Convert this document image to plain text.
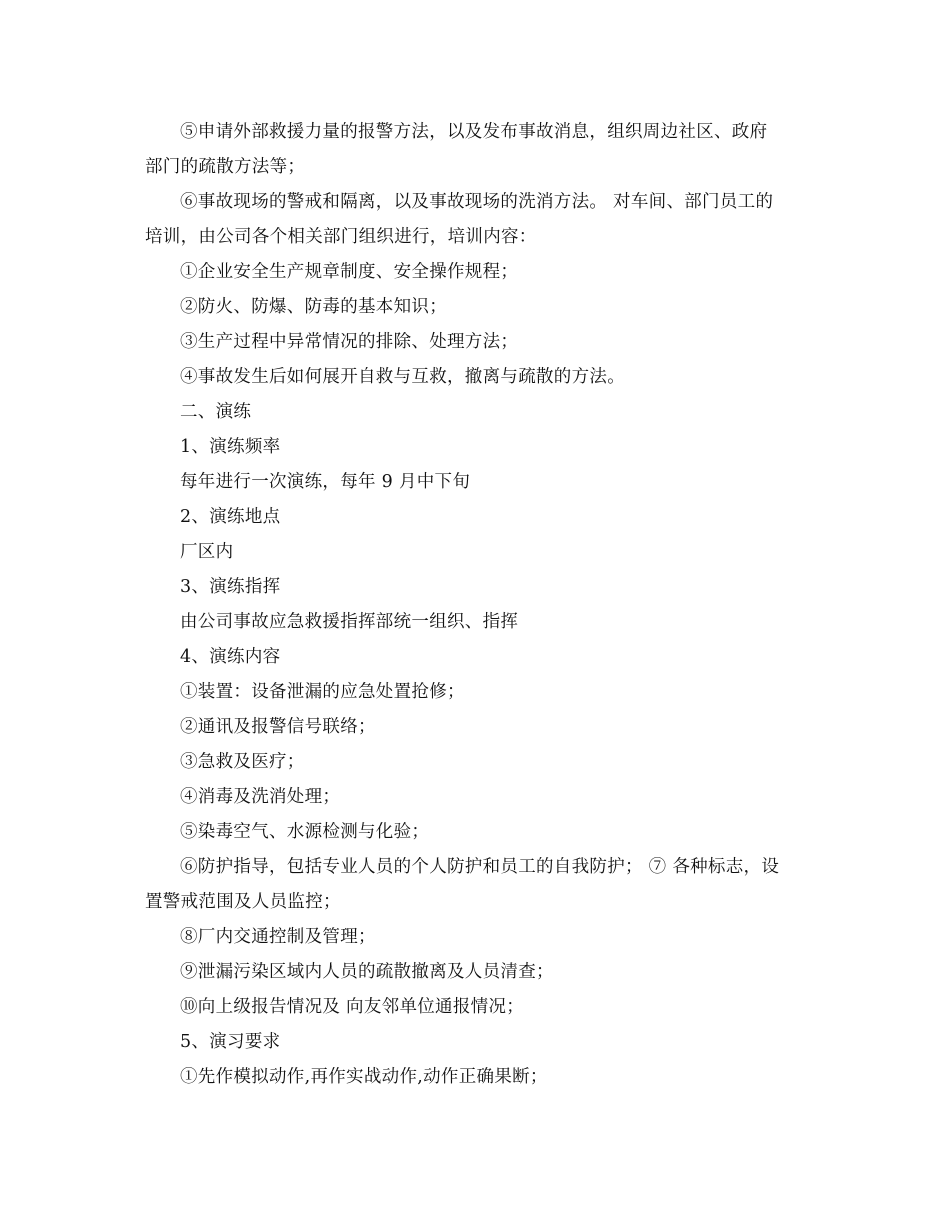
⑤申请外部救援力量的报警方法，以及发布事故消息，组织周边社区、政府
部门的疏散方法等；
⑥事故现场的警戒和隔离，以及事故现场的洗消方法。 对车间、部门员工的
培训，由公司各个相关部门组织进行，培训内容：
①企业安全生产规章制度、安全操作规程；
②防火、防爆、防毒的基本知识；
③生产过程中异常情况的排除、处理方法；
④事故发生后如何展开自救与互救，撤离与疏散的方法。
二、演练
1、演练频率
每年进行一次演练，每年 9 月中下旬
2、演练地点
厂区内
3、演练指挥
由公司事故应急救援指挥部统一组织、指挥
4、演练内容
①装置：设备泄漏的应急处置抢修；
②通讯及报警信号联络；
③急救及医疗；
④消毒及洗消处理；
⑤染毒空气、水源检测与化验；
⑥防护指导，包括专业人员的个人防护和员工的自我防护； ⑦ 各种标志，设
置警戒范围及人员监控；
⑧厂内交通控制及管理；
⑨泄漏污染区域内人员的疏散撤离及人员清查；
⑩向上级报告情况及 向友邻单位通报情况；
5、演习要求
①先作模拟动作,再作实战动作,动作正确果断；
